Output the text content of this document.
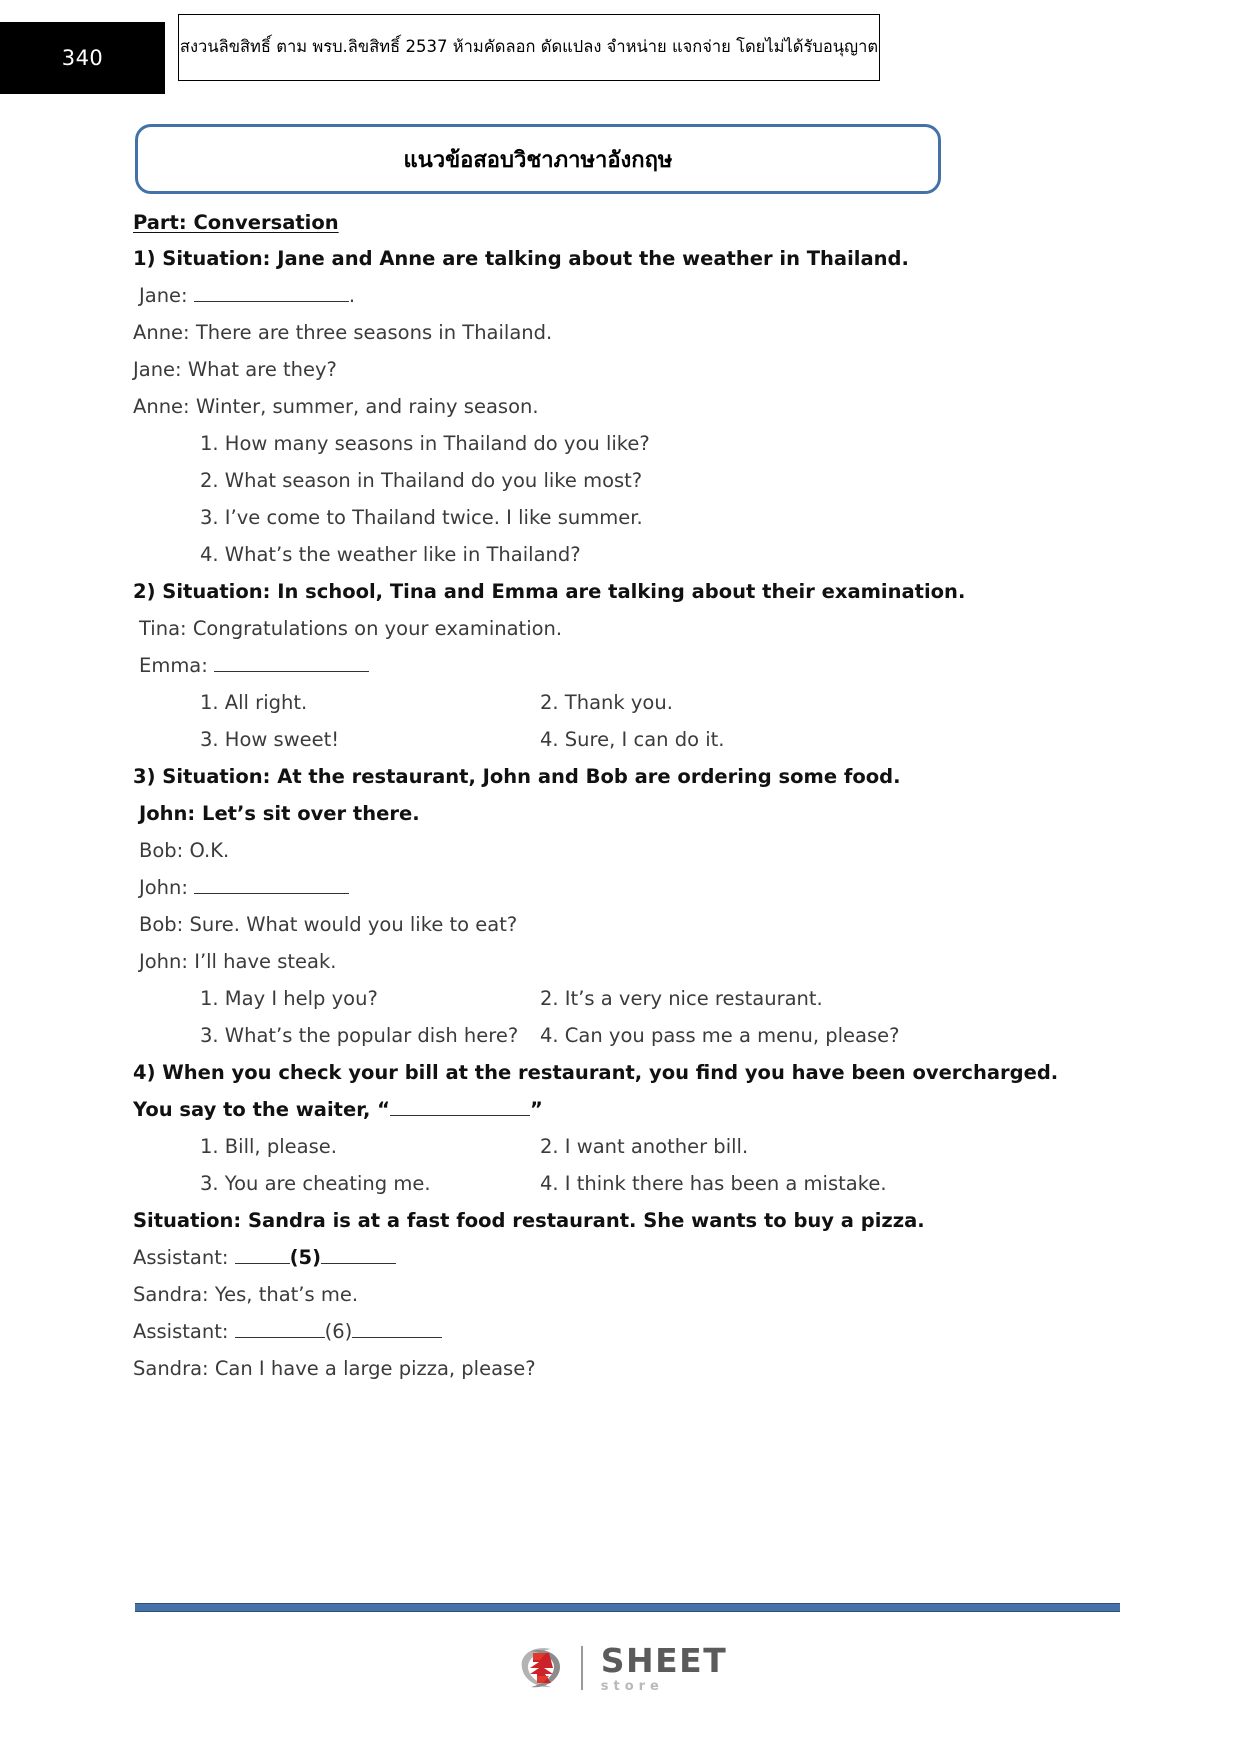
340	สงวนลิขสิทธิ์ ตาม พรบ.ลิขสิทธิ์ 2537 ห้ามคัดลอก ดัดแปลง จำหน่าย แจกจ่าย โดยไม่ได้รับอนุญาต
แนวข้อสอบวิชาภาษาอังกฤษ
Part: Conversation
1) Situation: Jane and Anne are talking about the weather in Thailand.
Jane:	.
Anne: There are three seasons in Thailand.
Jane: What are they?
Anne: Winter, summer, and rainy season.
1. How many seasons in Thailand do you like?
2. What season in Thailand do you like most?
3. I’ve come to Thailand twice. I like summer.
4. What’s the weather like in Thailand?
2) Situation: In school, Tina and Emma are talking about their examination.
Tina: Congratulations on your examination.
Emma:
1. All right.	2. Thank you.
3. How sweet!	4. Sure, I can do it.
3) Situation: At the restaurant, John and Bob are ordering some food.
John: Let’s sit over there.
Bob: O.K.
John:
Bob: Sure. What would you like to eat?
John: I’ll have steak.
1. May I help you?	2. It’s a very nice restaurant.
3. What’s the popular dish here?	4. Can you pass me a menu, please?
4) When you check your bill at the restaurant, you find you have been overcharged.
You say to the waiter, “	”
1. Bill, please.	2. I want another bill.
3. You are cheating me.	4. I think there has been a mistake.
Situation: Sandra is at a fast food restaurant. She wants to buy a pizza.
Assistant:	(5)
Sandra: Yes, that’s me.
Assistant:	(6)
Sandra: Can I have a large pizza, please?
SHEET
store
